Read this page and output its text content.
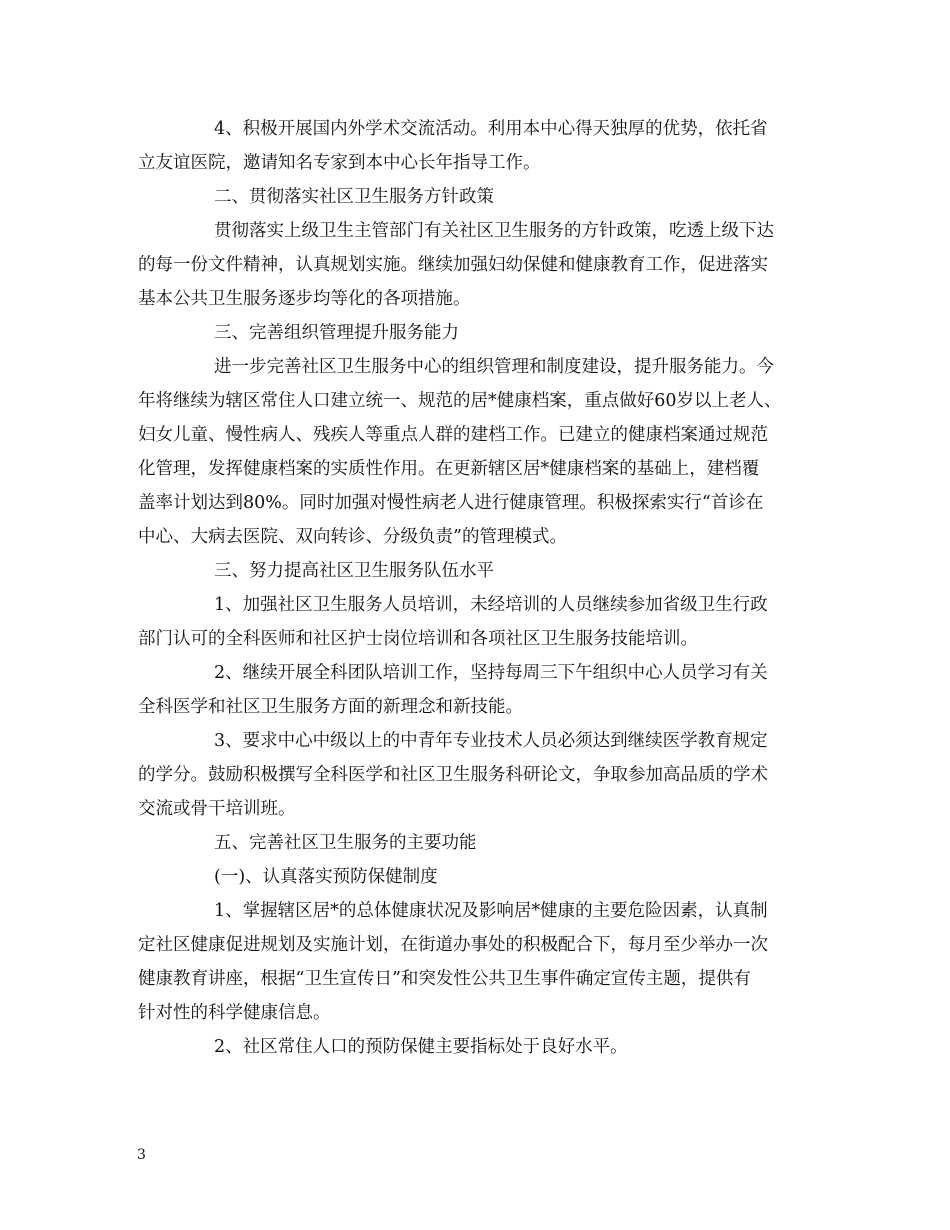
4、积极开展国内外学术交流活动。利用本中心得天独厚的优势，依托省
立友谊医院，邀请知名专家到本中心长年指导工作。
二、贯彻落实社区卫生服务方针政策
贯彻落实上级卫生主管部门有关社区卫生服务的方针政策，吃透上级下达
的每一份文件精神，认真规划实施。继续加强妇幼保健和健康教育工作，促进落实
基本公共卫生服务逐步均等化的各项措施。
三、完善组织管理提升服务能力
进一步完善社区卫生服务中心的组织管理和制度建设，提升服务能力。今
年将继续为辖区常住人口建立统一、规范的居*健康档案，重点做好60岁以上老人、
妇女儿童、慢性病人、残疾人等重点人群的建档工作。已建立的健康档案通过规范
化管理，发挥健康档案的实质性作用。在更新辖区居*健康档案的基础上，建档覆
盖率计划达到80%。同时加强对慢性病老人进行健康管理。积极探索实行“首诊在
中心、大病去医院、双向转诊、分级负责”的管理模式。
三、努力提高社区卫生服务队伍水平
1、加强社区卫生服务人员培训，未经培训的人员继续参加省级卫生行政
部门认可的全科医师和社区护士岗位培训和各项社区卫生服务技能培训。
2、继续开展全科团队培训工作，坚持每周三下午组织中心人员学习有关
全科医学和社区卫生服务方面的新理念和新技能。
3、要求中心中级以上的中青年专业技术人员必须达到继续医学教育规定
的学分。鼓励积极撰写全科医学和社区卫生服务科研论文，争取参加高品质的学术
交流或骨干培训班。
五、完善社区卫生服务的主要功能
(一)、认真落实预防保健制度
1、掌握辖区居*的总体健康状况及影响居*健康的主要危险因素，认真制
定社区健康促进规划及实施计划，在街道办事处的积极配合下，每月至少举办一次
健康教育讲座，根据“卫生宣传日”和突发性公共卫生事件确定宣传主题，提供有
针对性的科学健康信息。
2、社区常住人口的预防保健主要指标处于良好水平。
3
